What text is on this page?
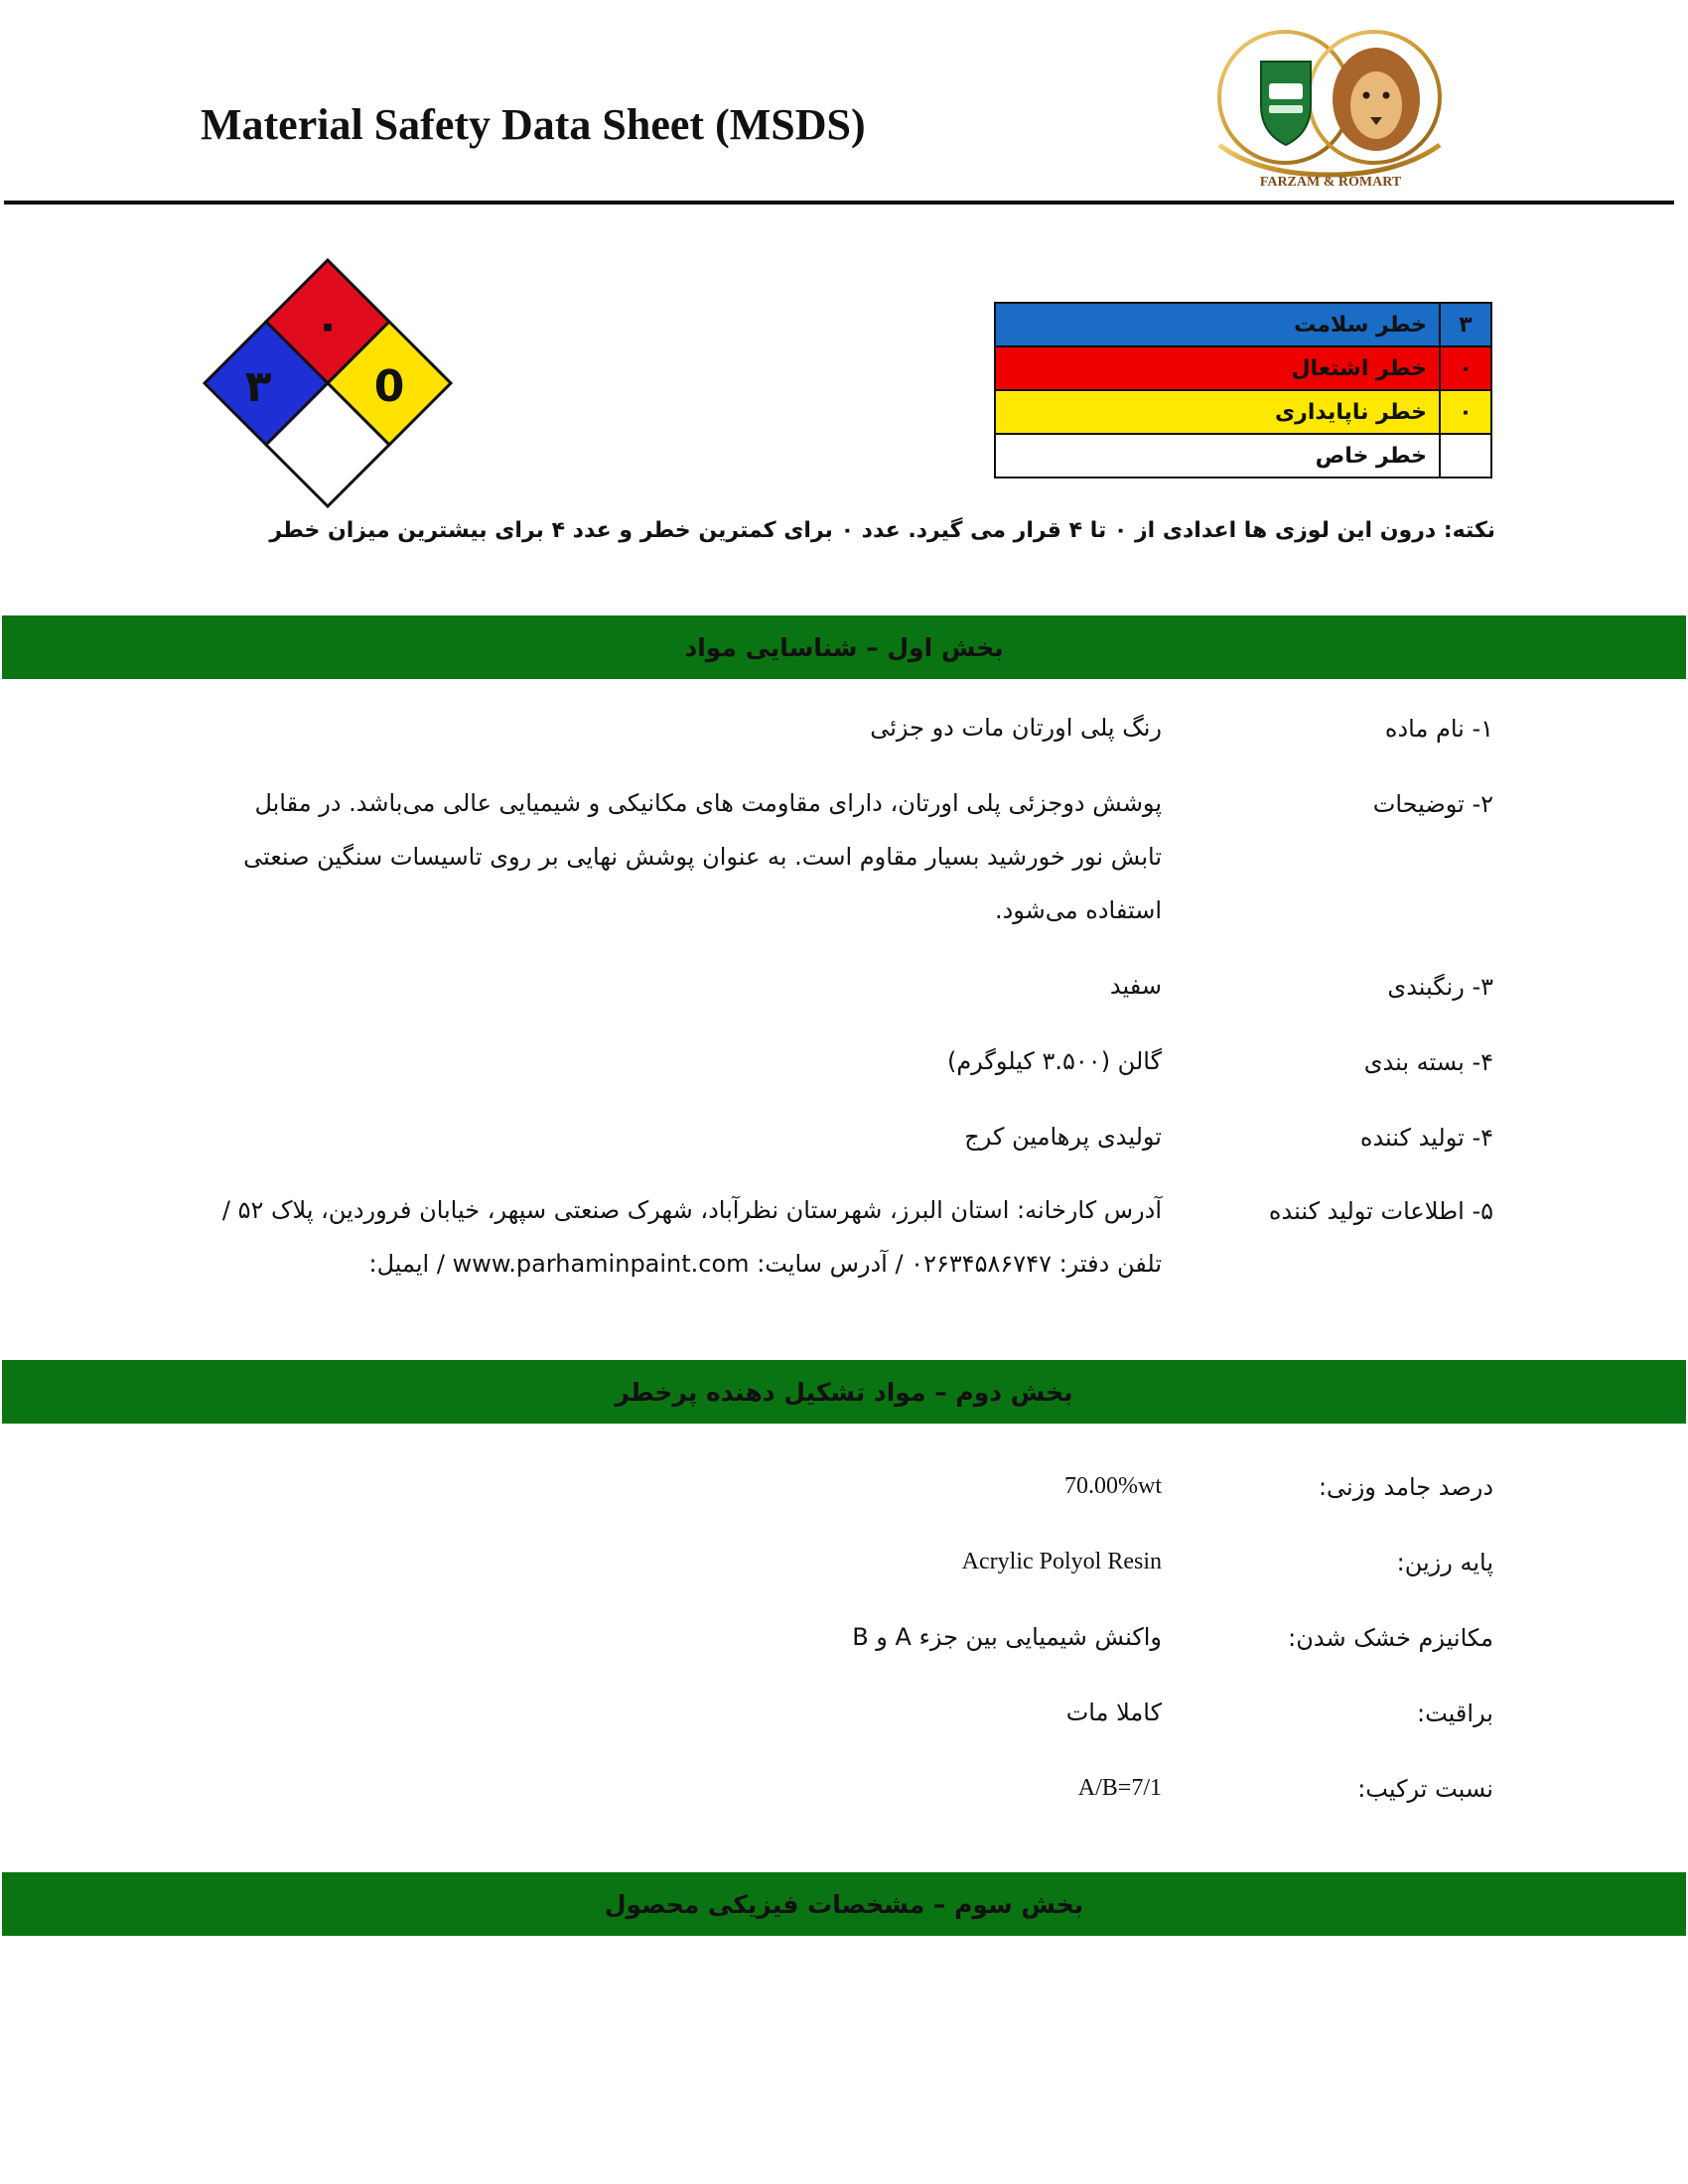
Material Safety Data Sheet (MSDS)
FARZAM & ROMART
۰
۳ 0
۳	خطر سلامت
۰	خطر اشتعال
۰	خطر ناپایداری
	خطر خاص
نکته: درون این لوزی ها اعدادی از ۰ تا ۴ قرار می گیرد. عدد ۰ برای کمترین خطر و عدد ۴ برای بیشترین میزان خطر
بخش اول – شناسایی مواد
۱- نام ماده
رنگ پلی اورتان مات دو جزئی
۲- توضیحات
پوشش دوجزئی پلی اورتان، دارای مقاومت های مکانیکی و شیمیایی عالی می‌باشد. در مقابل تابش نور خورشید بسیار مقاوم است. به عنوان پوشش نهایی بر روی تاسیسات سنگین صنعتی استفاده می‌شود.
۳- رنگبندی
سفید
۴- بسته بندی
گالن (۳.۵۰۰ کیلوگرم)
۴- تولید کننده
تولیدی پرهامین کرج
۵- اطلاعات تولید کننده
آدرس کارخانه: استان البرز، شهرستان نظرآباد، شهرک صنعتی سپهر، خیابان فروردین، پلاک ۵۲ / تلفن دفتر: ۰۲۶۳۴۵۸۶۷۴۷ / آدرس سایت: www.parhaminpaint.com / ایمیل:
بخش دوم – مواد تشکیل دهنده پرخطر
درصد جامد وزنی:
70.00%wt
پایه رزین:
Acrylic Polyol Resin
مکانیزم خشک شدن:
واکنش شیمیایی بین جزء A و B
براقیت:
کاملا مات
نسبت ترکیب:
A/B=7/1
بخش سوم – مشخصات فیزیکی محصول
